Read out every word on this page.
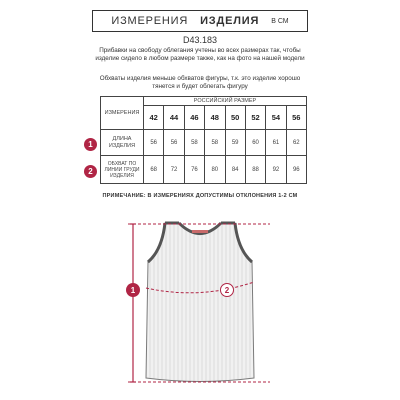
ИЗМЕРЕНИЯ ИЗДЕЛИЯ В СМ
D43.183
Прибавки на свободу облегания учтены во всех размерах так, чтобы изделие сидело в любом размере также, как на фото на нашей модели
Обхваты изделия меньше обхватов фигуры, т.к. это изделие хорошо тянется и будет облегать фигуру
ИЗМЕРЕНИЯ	РОССИЙСКИЙ РАЗМЕР							
	42	44	46	48	50	52	54	56
ДЛИНА ИЗДЕЛИЯ	56	56	58	58	59	60	61	62
ОБХВАТ ПО ЛИНИИ ГРУДИ ИЗДЕЛИЯ	68	72	76	80	84	88	92	96
1
2
ПРИМЕЧАНИЕ: В ИЗМЕРЕНИЯХ ДОПУСТИМЫ ОТКЛОНЕНИЯ 1-2 СМ
1	2
